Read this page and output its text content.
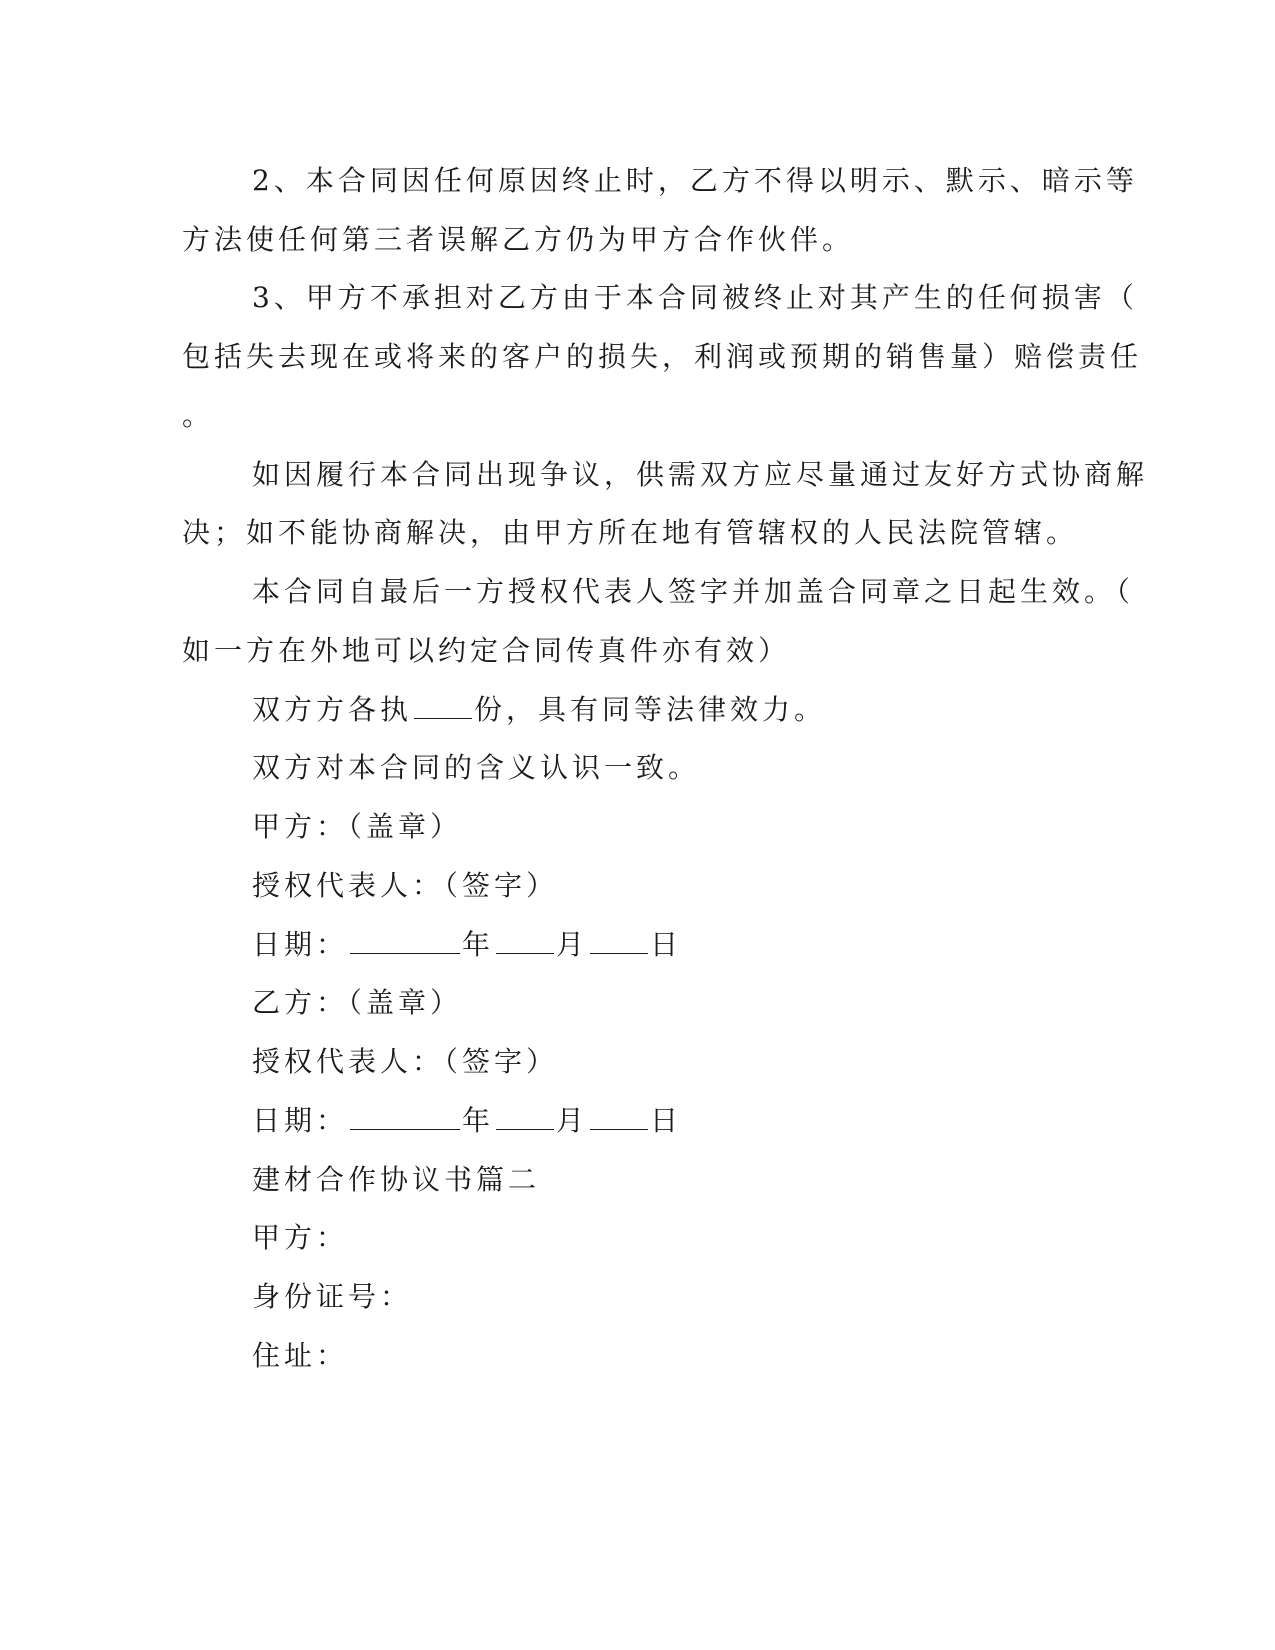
2、本合同因任何原因终止时，乙方不得以明示、默示、暗示等
方法使任何第三者误解乙方仍为甲方合作伙伴。
3、甲方不承担对乙方由于本合同被终止对其产生的任何损害（
包括失去现在或将来的客户的损失，利润或预期的销售量）赔偿责任
。
如因履行本合同出现争议，供需双方应尽量通过友好方式协商解
决；如不能协商解决，由甲方所在地有管辖权的人民法院管辖。
本合同自最后一方授权代表人签字并加盖合同章之日起生效。（
如一方在外地可以约定合同传真件亦有效）
双方方各执 份，具有同等法律效力。
双方对本合同的含义认识一致。
甲方：（盖章）
授权代表人：（签字）
日期：	年 月 日
乙方：（盖章）
授权代表人：（签字）
日期：	年 月 日
建材合作协议书篇二
甲方：
身份证号：
住址：
